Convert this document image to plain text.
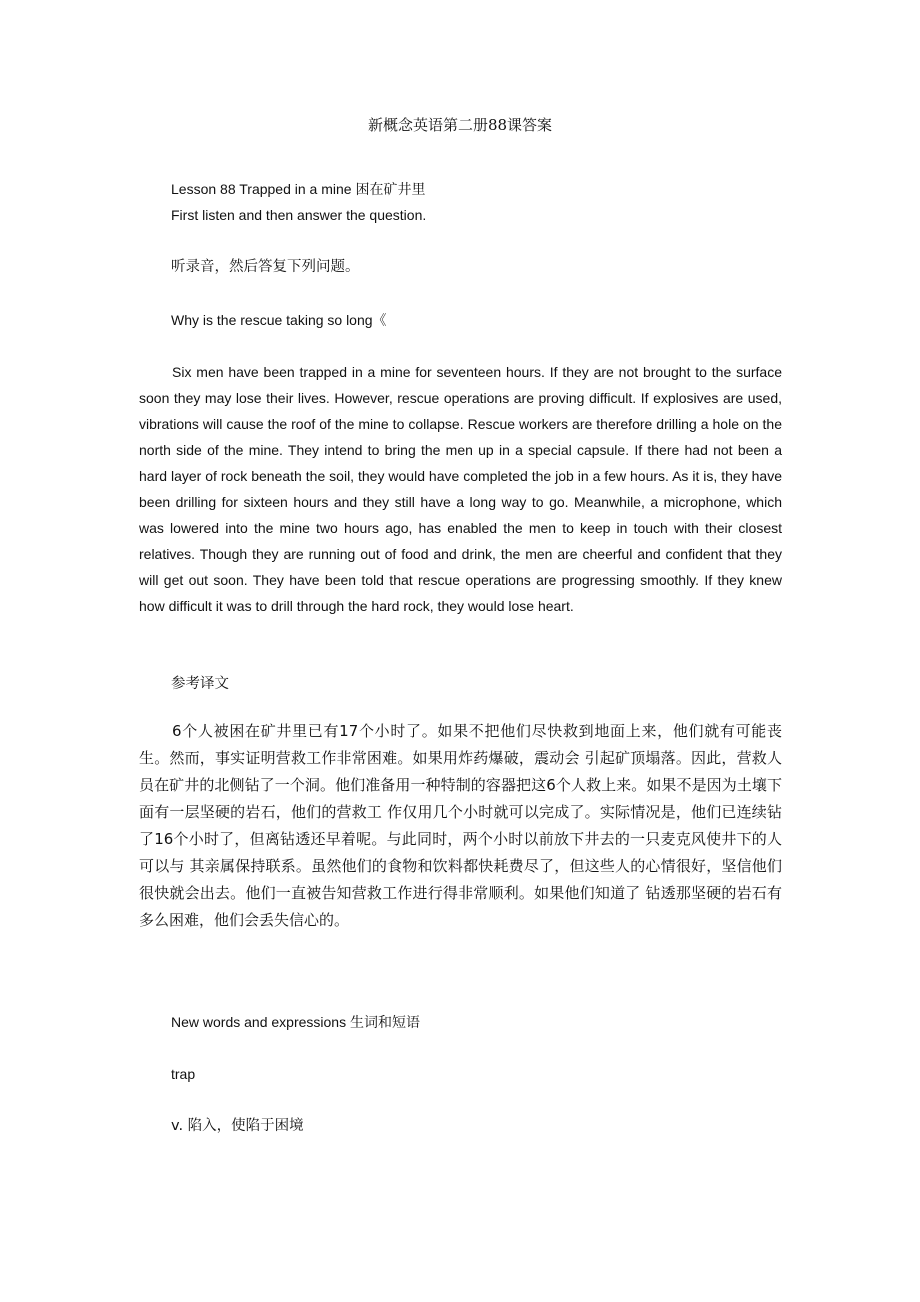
新概念英语第二册88课答案
Lesson 88 Trapped in a mine 困在矿井里
First listen and then answer the question.
听录音，然后答复下列问题。
Why is the rescue taking so long《

Six men have been trapped in a mine for seventeen hours. If they are not brought to the surface soon they may lose their lives. However, rescue operations are proving difficult. If explosives are used, vibrations will cause the roof of the mine to collapse. Rescue workers are therefore drilling a hole on the north side of the mine. They intend to bring the men up in a special capsule. If there had not been a hard layer of rock beneath the soil, they would have completed the job in a few hours. As it is, they have been drilling for sixteen hours and they still have a long way to go. Meanwhile, a microphone, which was lowered into the mine two hours ago, has enabled the men to keep in touch with their closest relatives. Though they are running out of food and drink, the men are cheerful and confident that they will get out soon. They have been told that rescue operations are progressing smoothly. If they knew how difficult it was to drill through the hard rock, they would lose heart.

参考译文

6个人被困在矿井里已有17个小时了。如果不把他们尽快救到地面上来，他们就有可能丧生。然而，事实证明营救工作非常困难。如果用炸药爆破，震动会 引起矿顶塌落。因此，营救人员在矿井的北侧钻了一个洞。他们准备用一种特制的容器把这6个人救上来。如果不是因为土壤下面有一层坚硬的岩石，他们的营救工 作仅用几个小时就可以完成了。实际情况是，他们已连续钻了16个小时了，但离钻透还早着呢。与此同时，两个小时以前放下井去的一只麦克风使井下的人可以与 其亲属保持联系。虽然他们的食物和饮料都快耗费尽了，但这些人的心情很好，坚信他们很快就会出去。他们一直被告知营救工作进行得非常顺利。如果他们知道了 钻透那坚硬的岩石有多么困难，他们会丢失信心的。

New words and expressions 生词和短语
trap
v. 陷入，使陷于困境
